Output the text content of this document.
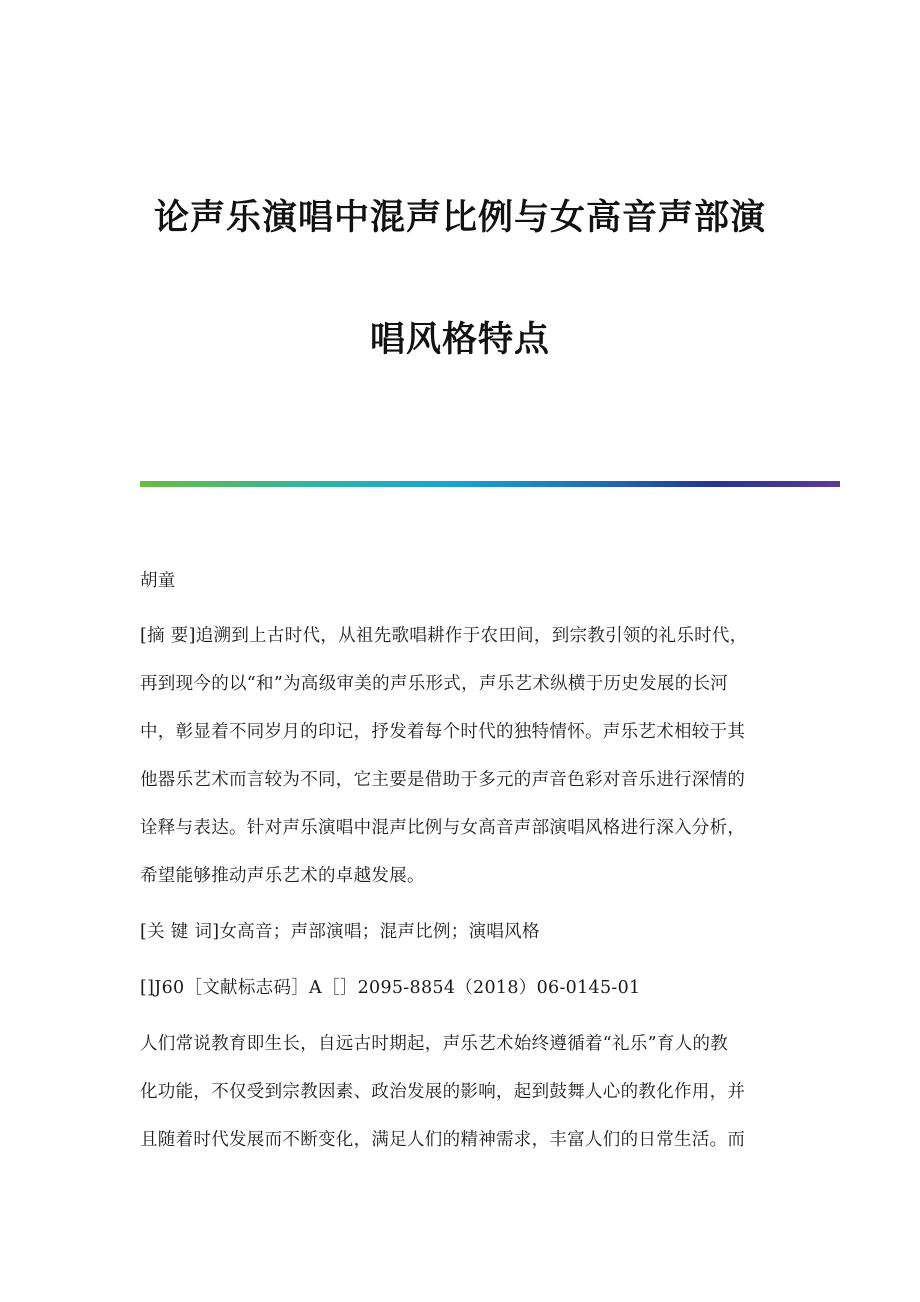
论声乐演唱中混声比例与女高音声部演
唱风格特点

胡童

[摘 要]追溯到上古时代，从祖先歌唱耕作于农田间，到宗教引领的礼乐时代，
再到现今的以“和”为高级审美的声乐形式，声乐艺术纵横于历史发展的长河
中，彰显着不同岁月的印记，抒发着每个时代的独特情怀。声乐艺术相较于其
他器乐艺术而言较为不同，它主要是借助于多元的声音色彩对音乐进行深情的
诠释与表达。针对声乐演唱中混声比例与女高音声部演唱风格进行深入分析，
希望能够推动声乐艺术的卓越发展。

[关 键 词]女高音；声部演唱；混声比例；演唱风格

[]J60［文献标志码］A［］2095-8854（2018）06-0145-01

人们常说教育即生长，自远古时期起，声乐艺术始终遵循着“礼乐”育人的教
化功能，不仅受到宗教因素、政治发展的影响，起到鼓舞人心的教化作用，并
且随着时代发展而不断变化，满足人们的精神需求，丰富人们的日常生活。而
